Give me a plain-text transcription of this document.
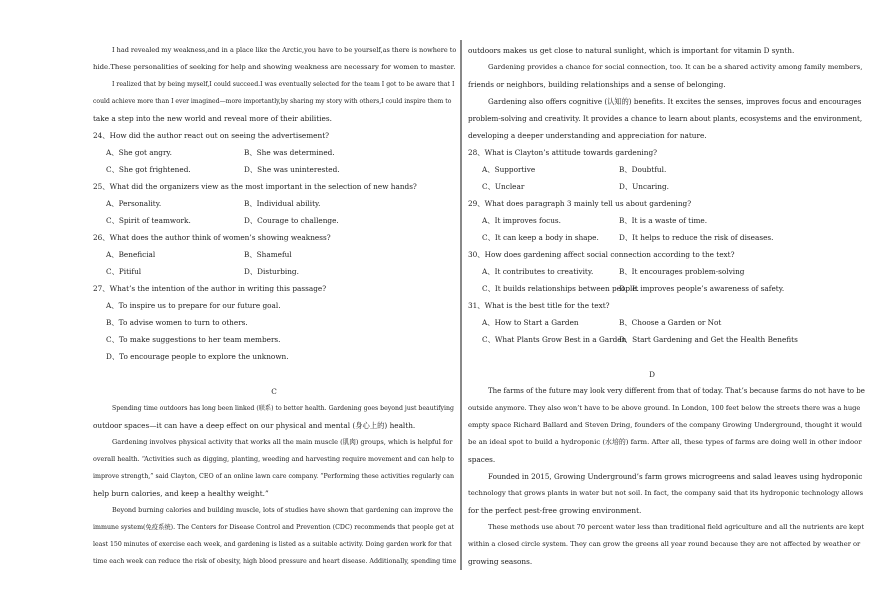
I had revealed my weakness,and in a place like the Arctic,you have to be yourself,as there is nowhere to
hide.These personalities of seeking for help and showing weakness are necessary for women to master.
I realized that by being myself,I could succeed.I was eventually selected for the team I got to be aware that I
could achieve more than I ever imagined—more importantly,by sharing my story with others,I could inspire them to
take a step into the new world and reveal more of their abilities.
24、How did the author react out on seeing the advertisement?
A、She got angry.	B、She was determined.
C、She got frightened.	D、She was uninterested.
25、What did the organizers view as the most important in the selection of new hands?
A、Personality.	B、Individual ability.
C、Spirit of teamwork.	D、Courage to challenge.
26、What does the author think of women’s showing weakness?
A、Beneficial	B、Shameful
C、Pitiful	D、Disturbing.
27、What’s the intention of the author in writing this passage?
A、To inspire us to prepare for our future goal.
B、To advise women to turn to others.
C、To make suggestions to her team members.
D、To encourage people to explore the unknown.
C
Spending time outdoors has long been linked (联系) to better health. Gardening goes beyond just beautifying
outdoor spaces—it can have a deep effect on our physical and mental (身心上的) health.
Gardening involves physical activity that works all the main muscle (肌肉) groups, which is helpful for
overall health. “Activities such as digging, planting, weeding and harvesting require movement and can help to
improve strength,” said Clayton, CEO of an online lawn care company. “Performing these activities regularly can
help burn calories, and keep a healthy weight.”
Beyond burning calories and building muscle, lots of studies have shown that gardening can improve the
immune system(免疫系统). The Centers for Disease Control and Prevention (CDC) recommends that people get at
least 150 minutes of exercise each week, and gardening is listed as a suitable activity. Doing garden work for that
time each week can reduce the risk of obesity, high blood pressure and heart disease. Additionally, spending time
outdoors makes us get close to natural sunlight, which is important for vitamin D synth.
Gardening provides a chance for social connection, too. It can be a shared activity among family members,
friends or neighbors, building relationships and a sense of belonging.
Gardening also offers cognitive (认知的) benefits. It excites the senses, improves focus and encourages
problem-solving and creativity. It provides a chance to learn about plants, ecosystems and the environment,
developing a deeper understanding and appreciation for nature.
28、What is Clayton’s attitude towards gardening?
A、Supportive	B、Doubtful.
C、Unclear	D、Uncaring.
29、What does paragraph 3 mainly tell us about gardening?
A、It improves focus.	B、It is a waste of time.
C、It can keep a body in shape.	D、It helps to reduce the risk of diseases.
30、How does gardening affect social connection according to the text?
A、It contributes to creativity.	B、It encourages problem-solving
C、It builds relationships between people.
D、It improves people’s awareness of safety.
31、What is the best title for the text?
A、How to Start a Garden	B、Choose a Garden or Not
C、What Plants Grow Best in a Garden
D、Start Gardening and Get the Health Benefits
D
The farms of the future may look very different from that of today. That’s because farms do not have to be
outside anymore. They also won’t have to be above ground. In London, 100 feet below the streets there was a huge
empty space Richard Ballard and Steven Dring, founders of the company Growing Underground, thought it would
be an ideal spot to build a hydroponic (水培的) farm. After all, these types of farms are doing well in other indoor
spaces.
Founded in 2015, Growing Underground’s farm grows microgreens and salad leaves using hydroponic
technology that grows plants in water but not soil. In fact, the company said that its hydroponic technology allows
for the perfect pest-free growing environment.
These methods use about 70 percent water less than traditional field agriculture and all the nutrients are kept
within a closed circle system. They can grow the greens all year round because they are not affected by weather or
growing seasons.
